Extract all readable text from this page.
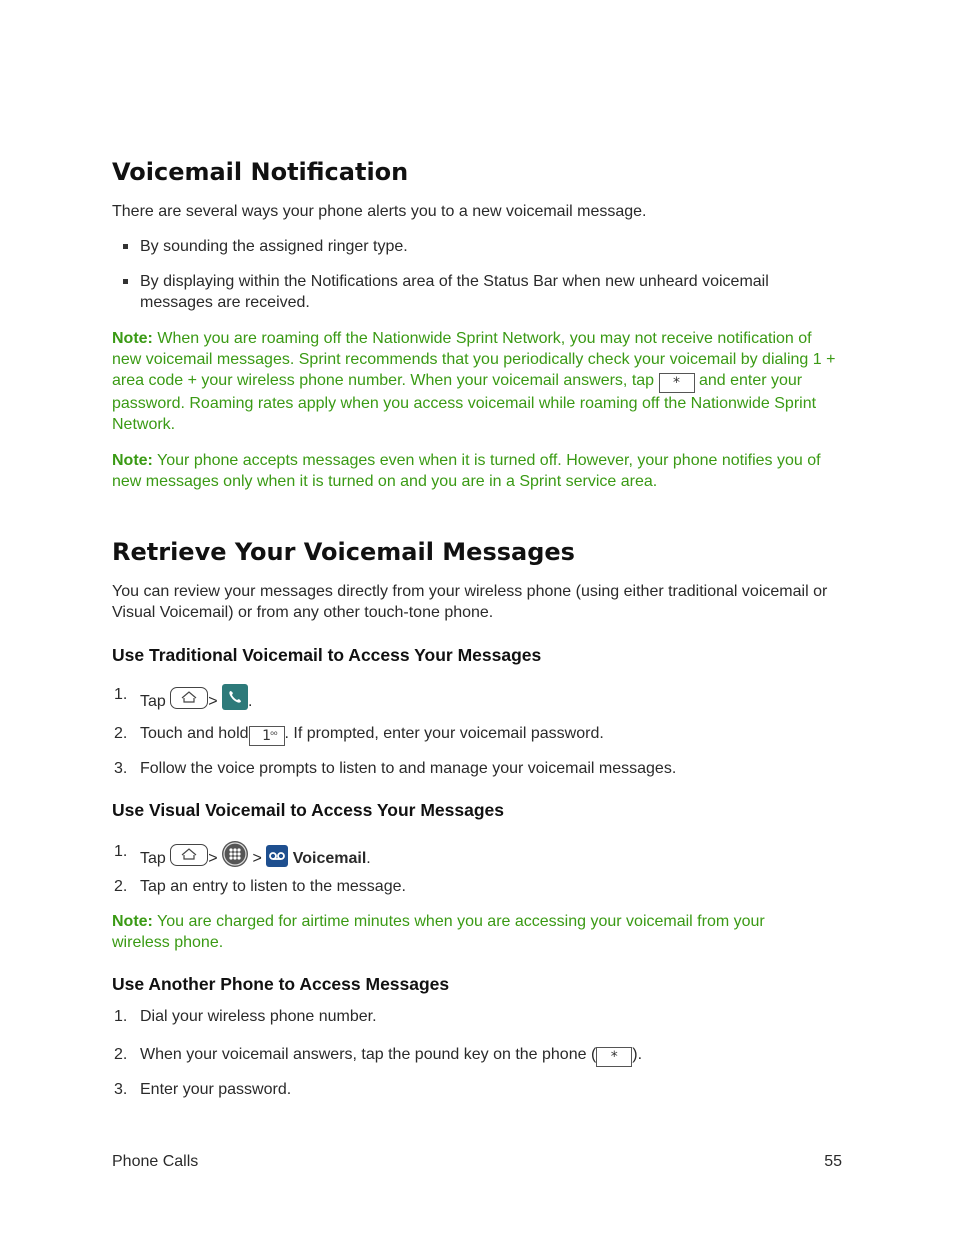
Voicemail Notification

There are several ways your phone alerts you to a new voicemail message.

By sounding the assigned ringer type.
By displaying within the Notifications area of the Status Bar when new unheard voicemail messages are received.

Note: When you are roaming off the Nationwide Sprint Network, you may not receive notification of new voicemail messages. Sprint recommends that you periodically check your voicemail by dialing 1 + area code + your wireless phone number. When your voicemail answers, tap * and enter your password. Roaming rates apply when you access voicemail while roaming off the Nationwide Sprint Network.

Note: Your phone accepts messages even when it is turned off. However, your phone notifies you of new messages only when it is turned on and you are in a Sprint service area.

Retrieve Your Voicemail Messages

You can review your messages directly from your wireless phone (using either traditional voicemail or Visual Voicemail) or from any other touch-tone phone.

Use Traditional Voicemail to Access Your Messages
1. Tap	> .
2. Touch and hold 1 oo . If prompted, enter your voicemail password.
3. Follow the voice prompts to listen to and manage your voicemail messages.
Use Visual Voicemail to Access Your Messages
1. Tap	> > Voicemail.
2. Tap an entry to listen to the message.

Note: You are charged for airtime minutes when you are accessing your voicemail from your wireless phone.

Use Another Phone to Access Messages
1. Dial your wireless phone number.
2. When your voicemail answers, tap the pound key on the phone ( * ).
3. Enter your password.
Phone Calls	55
